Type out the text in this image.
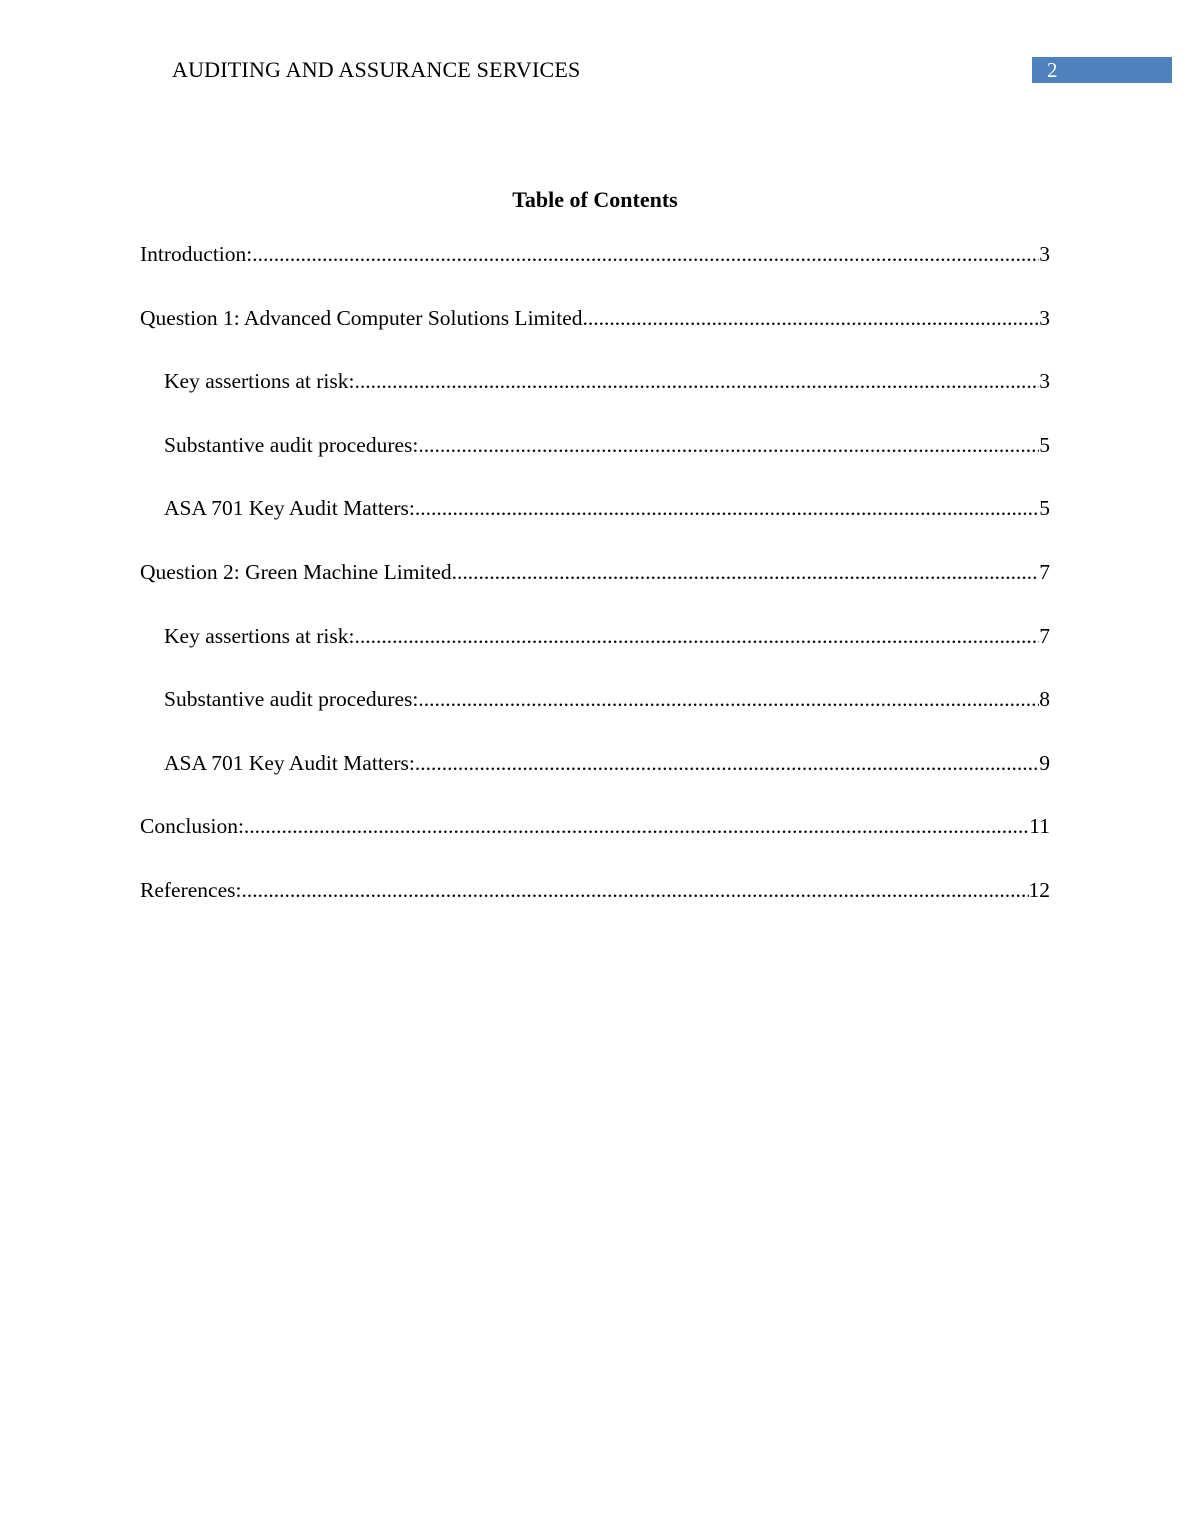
AUDITING AND ASSURANCE SERVICES	2
Table of Contents
Introduction: .....	3
Question 1: Advanced Computer Solutions Limited .....	3
Key assertions at risk: .....	3
Substantive audit procedures: .....	5
ASA 701 Key Audit Matters: .....	5
Question 2: Green Machine Limited .....	7
Key assertions at risk: .....	7
Substantive audit procedures: .....	8
ASA 701 Key Audit Matters: .....	9
Conclusion: .....	11
References: .....	12
